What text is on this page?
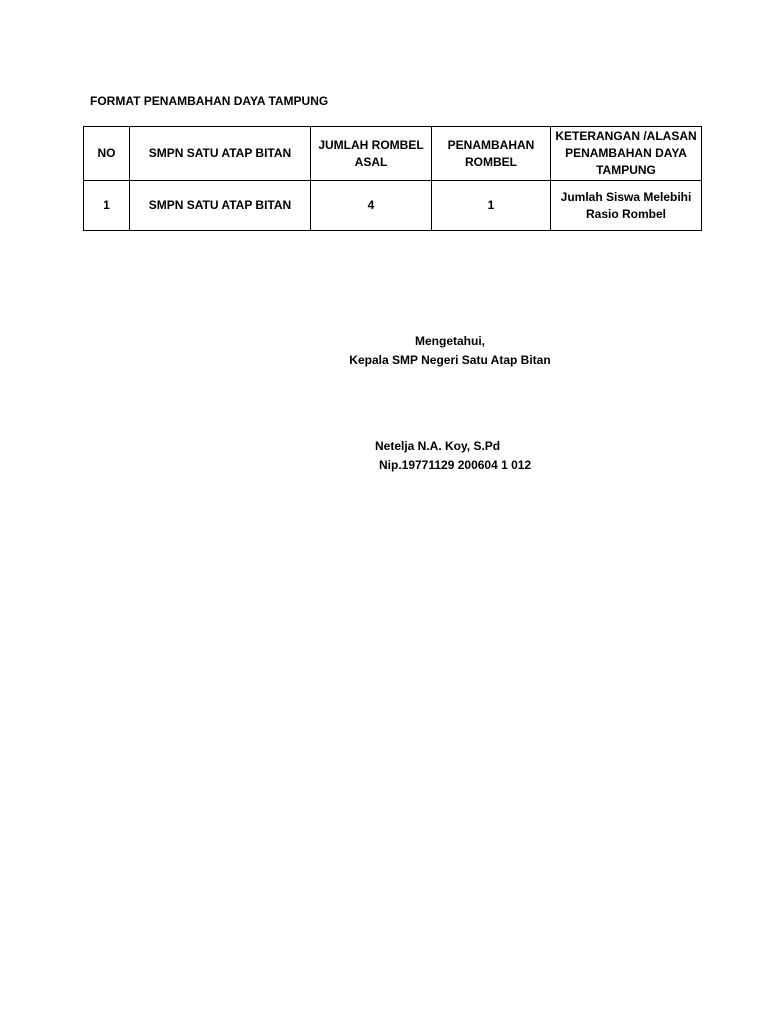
FORMAT PENAMBAHAN DAYA TAMPUNG
NO	SMPN SATU ATAP BITAN	JUMLAH ROMBEL ASAL	PENAMBAHAN ROMBEL	KETERANGAN /ALASAN PENAMBAHAN DAYA TAMPUNG
1	SMPN SATU ATAP BITAN	4	1	Jumlah Siswa Melebihi Rasio Rombel
Mengetahui,
Kepala SMP Negeri Satu Atap Bitan
Netelja N.A. Koy, S.Pd
Nip.19771129 200604 1 012
